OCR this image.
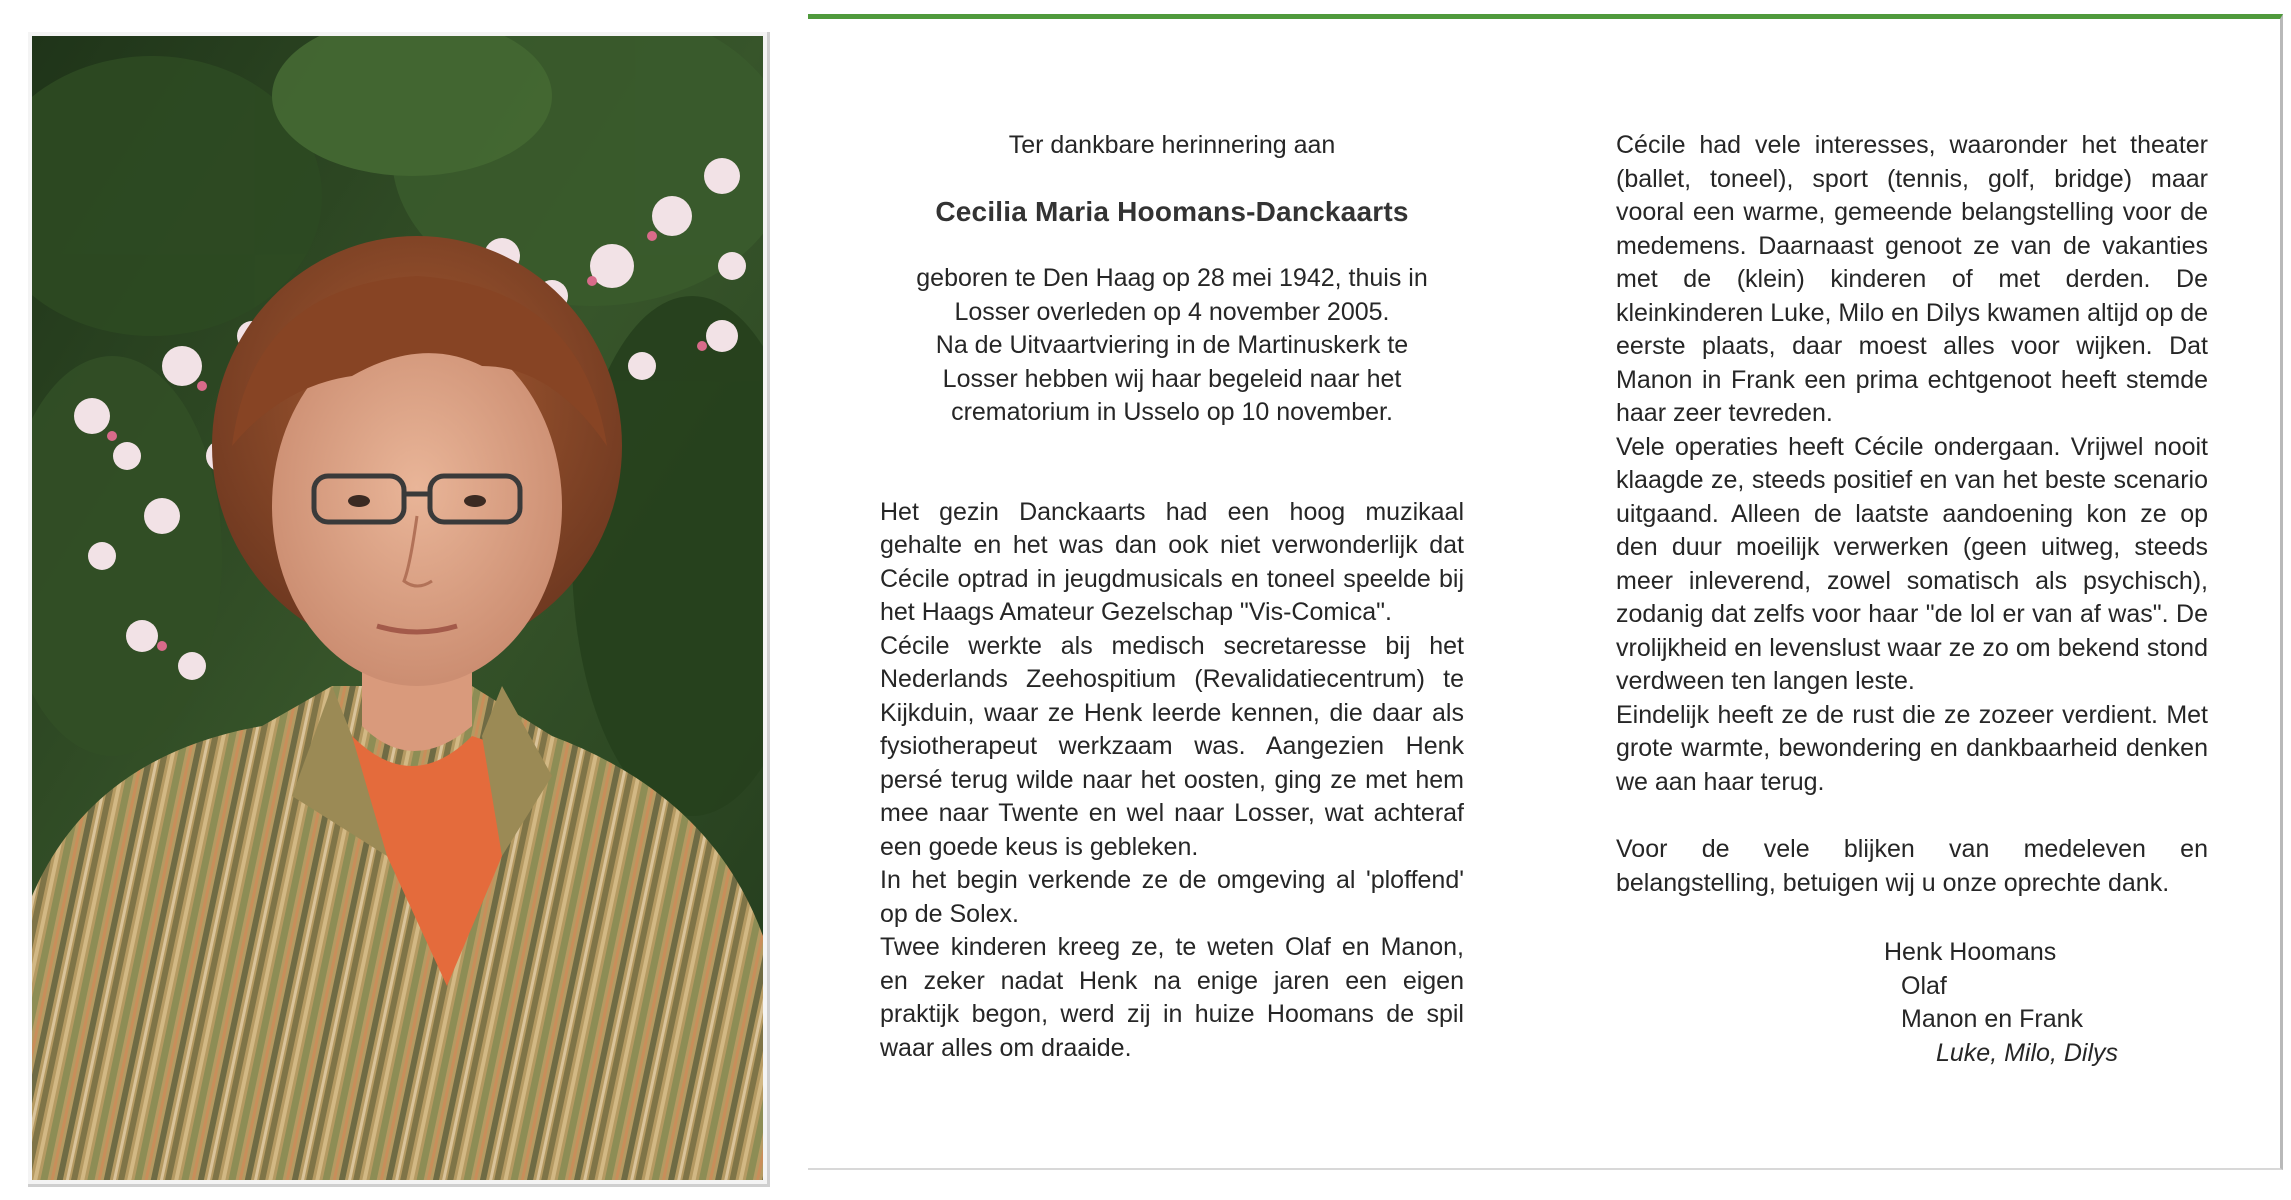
Ter dankbare herinnering aan

Cecilia Maria Hoomans-Danckaarts

geboren te Den Haag op 28 mei 1942, thuis in
Losser overleden op 4 november 2005.
Na de Uitvaartviering in de Martinuskerk te
Losser hebben wij haar begeleid naar het
crematorium in Usselo op 10 november.

Het gezin Danckaarts had een hoog muzikaal gehalte en het was dan ook niet verwonderlijk dat Cécile optrad in jeugdmusicals en toneel speelde bij het Haags Amateur Gezelschap "Vis-Comica".

Cécile werkte als medisch secretaresse bij het Nederlands Zeehospitium (Revalidatiecentrum) te Kijkduin, waar ze Henk leerde kennen, die daar als fysiotherapeut werkzaam was. Aangezien Henk persé terug wilde naar het oosten, ging ze met hem mee naar Twente en wel naar Losser, wat achteraf een goede keus is gebleken.

In het begin verkende ze de omgeving al 'ploffend' op de Solex.

Twee kinderen kreeg ze, te weten Olaf en Manon, en zeker nadat Henk na enige jaren een eigen praktijk begon, werd zij in huize Hoomans de spil waar alles om draaide.

Cécile had vele interesses, waaronder het theater (ballet, toneel), sport (tennis, golf, bridge) maar vooral een warme, gemeende belangstelling voor de medemens. Daarnaast genoot ze van de vakanties met de (klein) kinderen of met derden. De kleinkinderen Luke, Milo en Dilys kwamen altijd op de eerste plaats, daar moest alles voor wijken. Dat Manon in Frank een prima echtgenoot heeft stemde haar zeer tevreden.

Vele operaties heeft Cécile ondergaan. Vrijwel nooit klaagde ze, steeds positief en van het beste scenario uitgaand. Alleen de laatste aandoening kon ze op den duur moeilijk verwerken (geen uitweg, steeds meer inleverend, zowel somatisch als psychisch), zodanig dat zelfs voor haar "de lol er van af was". De vrolijkheid en levenslust waar ze zo om bekend stond verdween ten langen leste.

Eindelijk heeft ze de rust die ze zozeer verdient. Met grote warmte, bewondering en dankbaarheid denken we aan haar terug.

Voor de vele blijken van medeleven en belangstelling, betuigen wij u onze oprechte dank.

Henk Hoomans
Olaf
Manon en Frank
Luke, Milo, Dilys
